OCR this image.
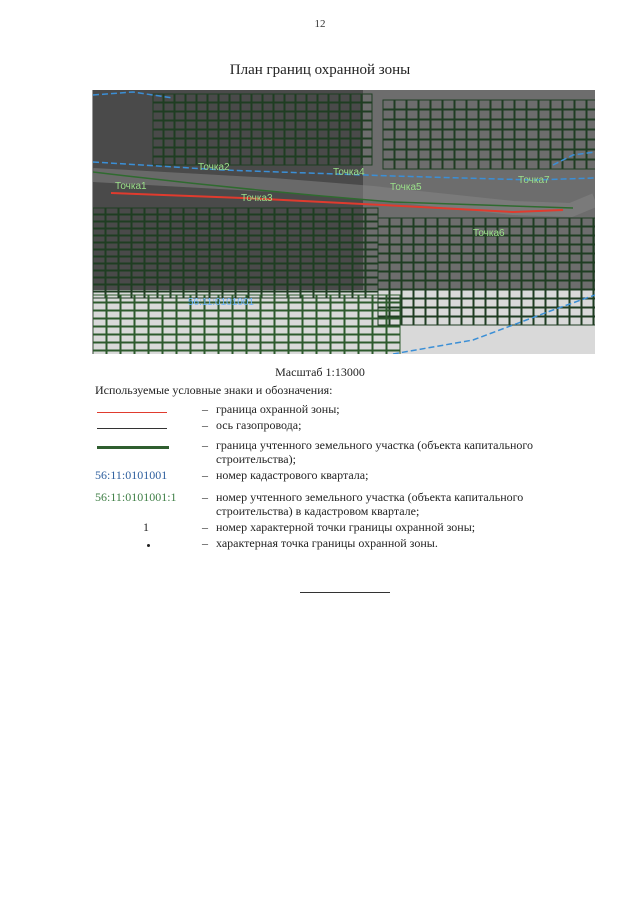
12
План границ охранной зоны
Точка1
Точка2
Точка3
Точка4
Точка5
Точка6
Точка7
56:11:0101001
Масштаб 1:13000
Используемые условные знаки и обозначения:
– граница охранной зоны;
– ось газопровода;
– граница учтенного земельного участка (объекта капитального строительства);
56:11:0101001	– номер кадастрового квартала;
56:11:0101001:1	– номер учтенного земельного участка (объекта капитального строительства) в кадастровом квартале;
1	– номер характерной точки границы охранной зоны;
– характерная точка границы охранной зоны.
